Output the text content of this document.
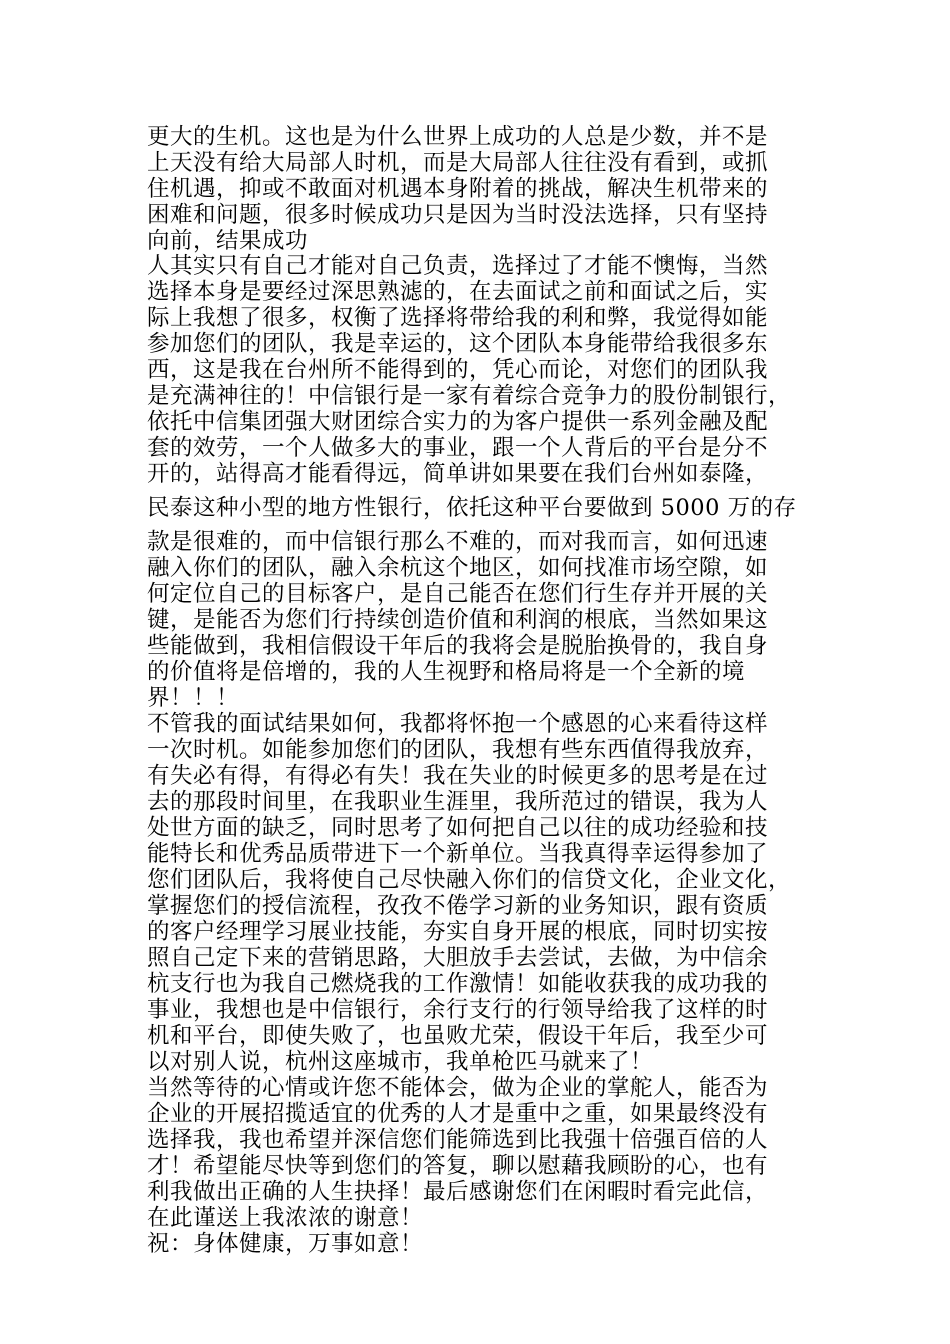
更大的生机。这也是为什么世界上成功的人总是少数，并不是
上天没有给大局部人时机，而是大局部人往往没有看到，或抓
住机遇，抑或不敢面对机遇本身附着的挑战，解决生机带来的
困难和问题，很多时候成功只是因为当时没法选择，只有坚持
向前，结果成功
人其实只有自己才能对自己负责，选择过了才能不懊悔，当然
选择本身是要经过深思熟滤的，在去面试之前和面试之后，实
际上我想了很多，权衡了选择将带给我的利和弊，我觉得如能
参加您们的团队，我是幸运的，这个团队本身能带给我很多东
西，这是我在台州所不能得到的，凭心而论，对您们的团队我
是充满神往的！中信银行是一家有着综合竞争力的股份制银行，
依托中信集团强大财团综合实力的为客户提供一系列金融及配
套的效劳，一个人做多大的事业，跟一个人背后的平台是分不
开的，站得高才能看得远，简单讲如果要在我们台州如泰隆，
民泰这种小型的地方性银行，依托这种平台要做到 5000 万的存
款是很难的，而中信银行那么不难的，而对我而言，如何迅速
融入你们的团队，融入余杭这个地区，如何找准市场空隙，如
何定位自己的目标客户，是自己能否在您们行生存并开展的关
键，是能否为您们行持续创造价值和利润的根底，当然如果这
些能做到，我相信假设干年后的我将会是脱胎换骨的，我自身
的价值将是倍增的，我的人生视野和格局将是一个全新的境
界！！！
不管我的面试结果如何，我都将怀抱一个感恩的心来看待这样
一次时机。如能参加您们的团队，我想有些东西值得我放弃，
有失必有得，有得必有失！我在失业的时候更多的思考是在过
去的那段时间里，在我职业生涯里，我所范过的错误，我为人
处世方面的缺乏，同时思考了如何把自己以往的成功经验和技
能特长和优秀品质带进下一个新单位。当我真得幸运得参加了
您们团队后，我将使自己尽快融入你们的信贷文化，企业文化，
掌握您们的授信流程，孜孜不倦学习新的业务知识，跟有资质
的客户经理学习展业技能，夯实自身开展的根底，同时切实按
照自己定下来的营销思路，大胆放手去尝试，去做，为中信余
杭支行也为我自己燃烧我的工作激情！如能收获我的成功我的
事业，我想也是中信银行，余行支行的行领导给我了这样的时
机和平台，即使失败了，也虽败尤荣，假设干年后，我至少可
以对别人说，杭州这座城市，我单枪匹马就来了！
当然等待的心情或许您不能体会，做为企业的掌舵人，能否为
企业的开展招揽适宜的优秀的人才是重中之重，如果最终没有
选择我，我也希望并深信您们能筛选到比我强十倍强百倍的人
才！希望能尽快等到您们的答复，聊以慰藉我顾盼的心，也有
利我做出正确的人生抉择！最后感谢您们在闲暇时看完此信，
在此谨送上我浓浓的谢意！
祝：身体健康，万事如意！
